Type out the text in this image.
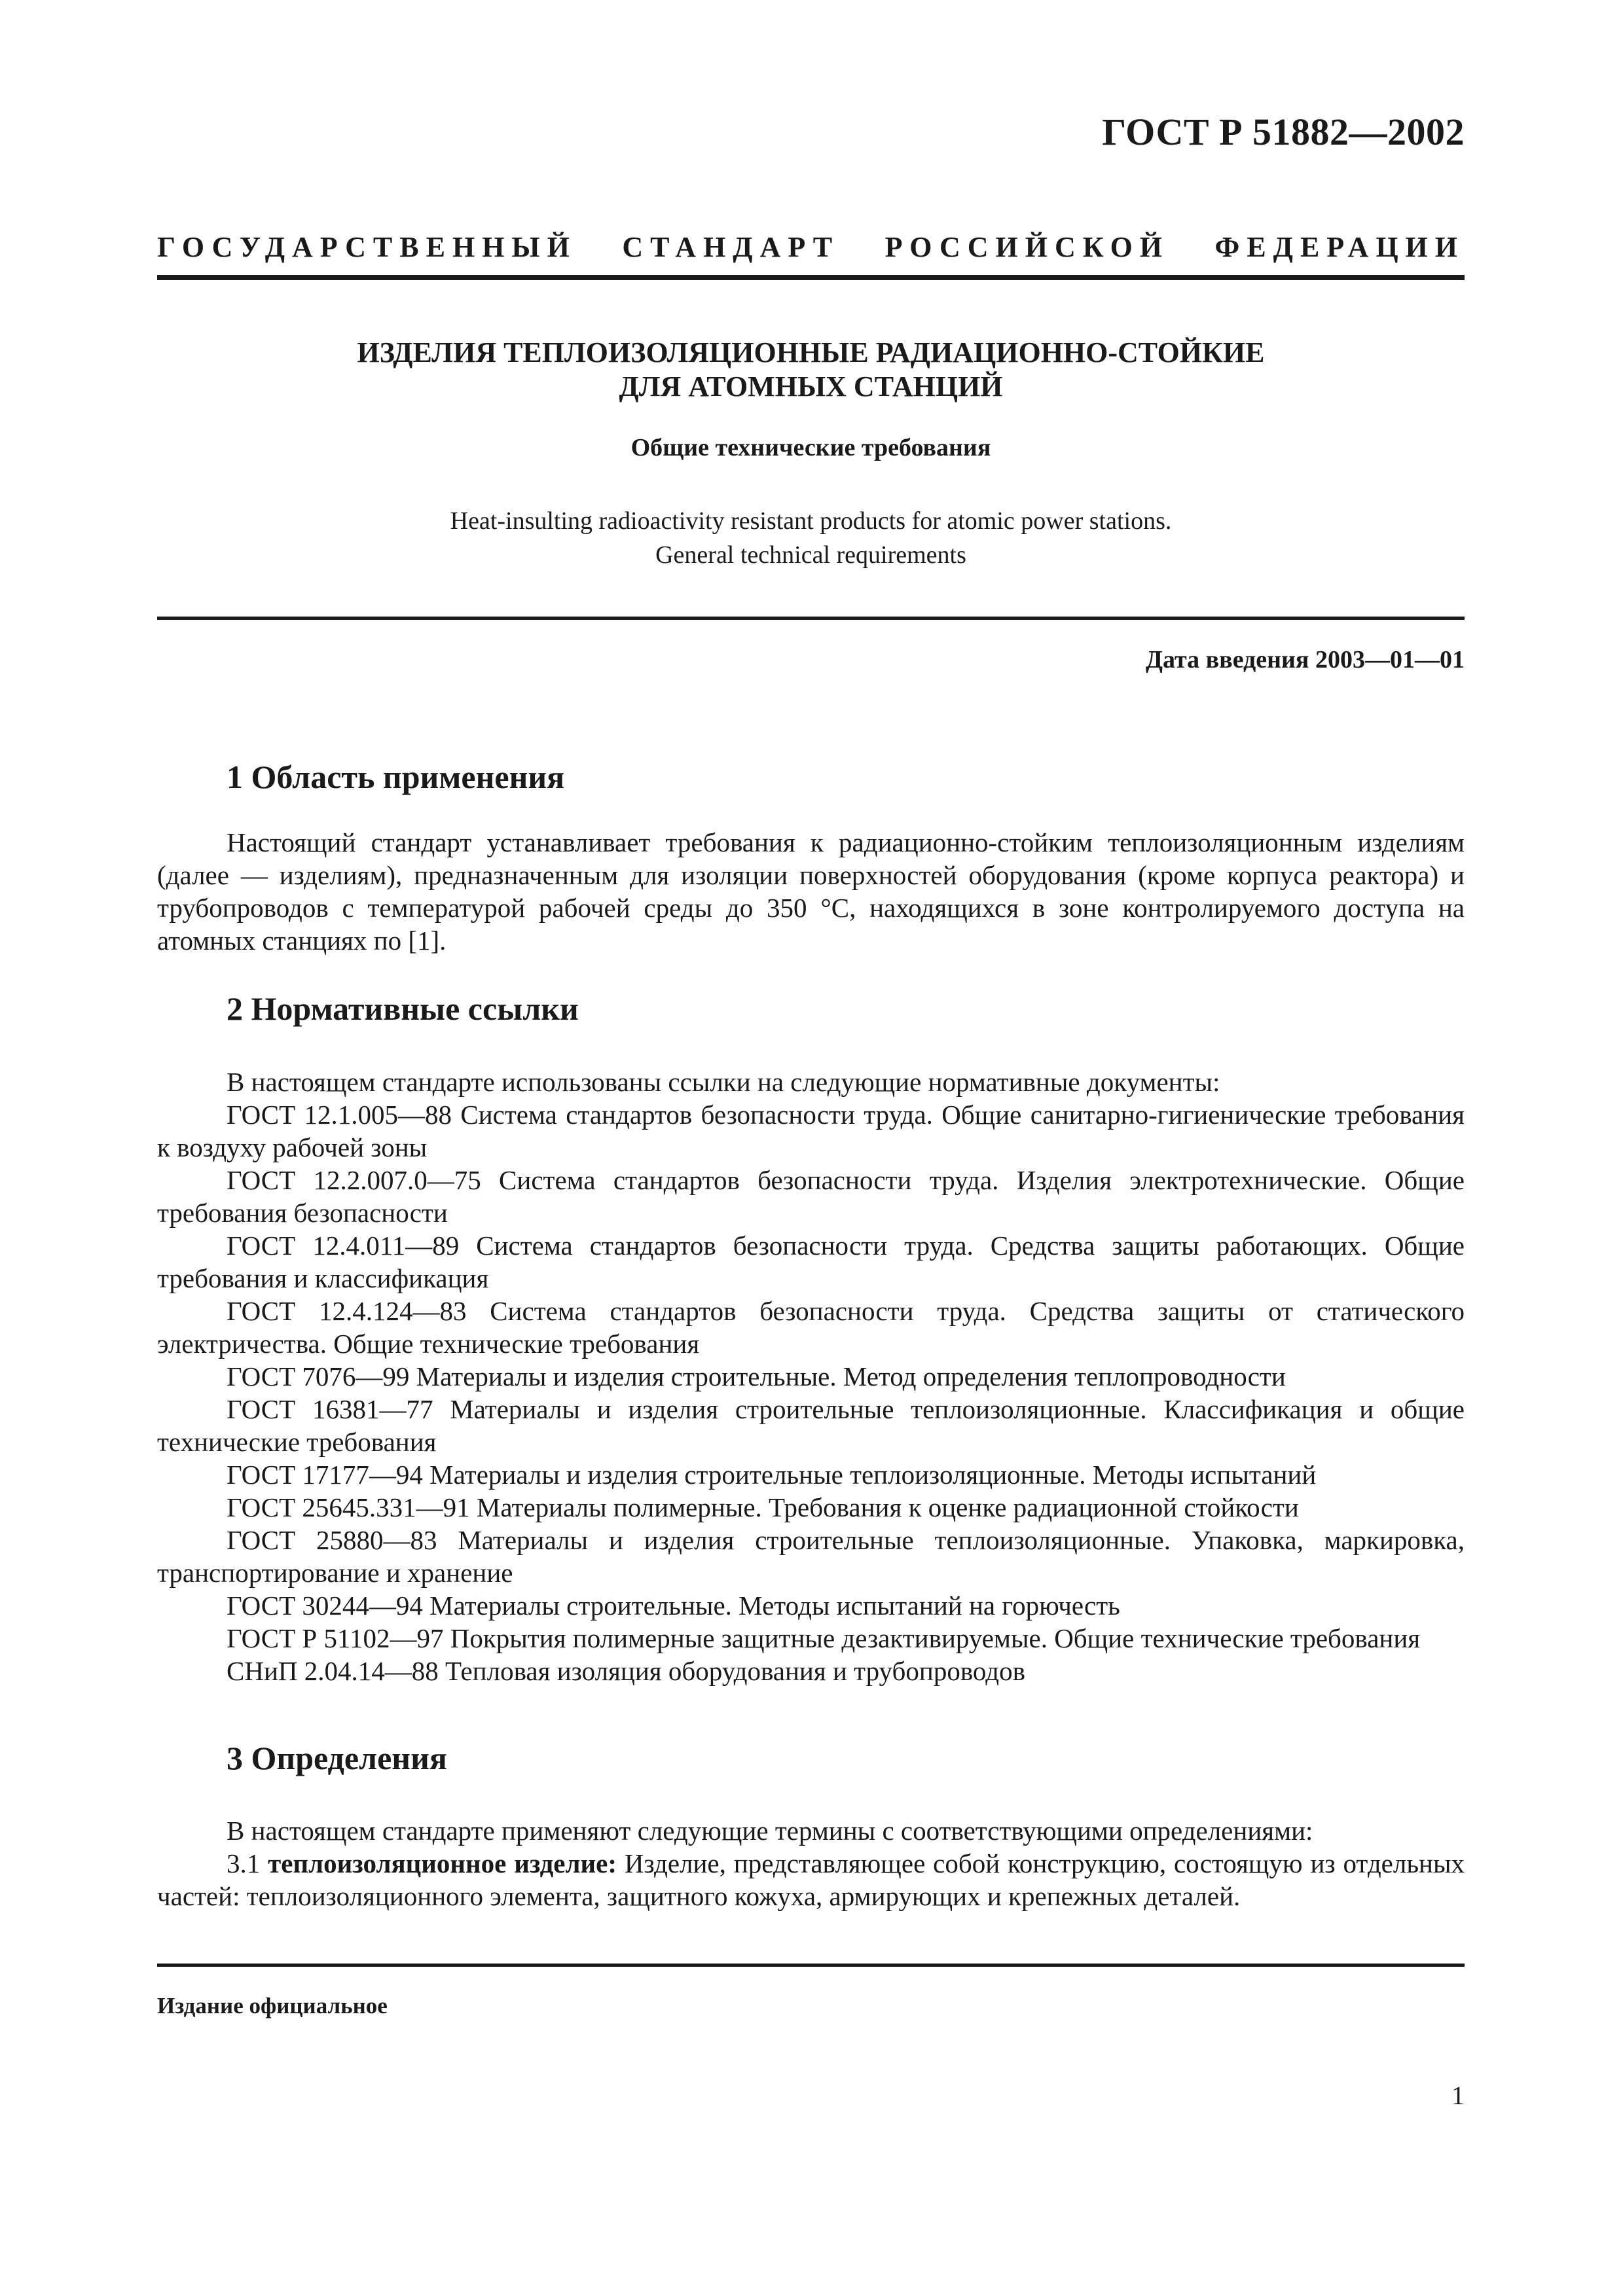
ГОСТ Р 51882—2002

ГОСУДАРСТВЕННЫЙ СТАНДАРТ РОССИЙСКОЙ ФЕДЕРАЦИИ

ИЗДЕЛИЯ ТЕПЛОИЗОЛЯЦИОННЫЕ РАДИАЦИОННО-СТОЙКИЕ
ДЛЯ АТОМНЫХ СТАНЦИЙ

Общие технические требования

Heat-insulting radioactivity resistant products for atomic power stations.
General technical requirements

Дата введения 2003—01—01

1 Область применения

Настоящий стандарт устанавливает требования к радиационно-стойким теплоизоляционным изделиям (далее — изделиям), предназначенным для изоляции поверхностей оборудования (кроме корпуса реактора) и трубопроводов с температурой рабочей среды до 350 °С, находящихся в зоне контролируемого доступа на атомных станциях по [1].

2 Нормативные ссылки

В настоящем стандарте использованы ссылки на следующие нормативные документы:

ГОСТ 12.1.005—88 Система стандартов безопасности труда. Общие санитарно-гигиенические требования к воздуху рабочей зоны

ГОСТ 12.2.007.0—75 Система стандартов безопасности труда. Изделия электротехнические. Общие требования безопасности

ГОСТ 12.4.011—89 Система стандартов безопасности труда. Средства защиты работающих. Общие требования и классификация

ГОСТ 12.4.124—83 Система стандартов безопасности труда. Средства защиты от статического электричества. Общие технические требования

ГОСТ 7076—99 Материалы и изделия строительные. Метод определения теплопроводности

ГОСТ 16381—77 Материалы и изделия строительные теплоизоляционные. Классификация и общие технические требования

ГОСТ 17177—94 Материалы и изделия строительные теплоизоляционные. Методы испытаний

ГОСТ 25645.331—91 Материалы полимерные. Требования к оценке радиационной стойкости

ГОСТ 25880—83 Материалы и изделия строительные теплоизоляционные. Упаковка, маркировка, транспортирование и хранение

ГОСТ 30244—94 Материалы строительные. Методы испытаний на горючесть

ГОСТ Р 51102—97 Покрытия полимерные защитные дезактивируемые. Общие технические требования

СНиП 2.04.14—88 Тепловая изоляция оборудования и трубопроводов

3 Определения

В настоящем стандарте применяют следующие термины с соответствующими определениями:

3.1 теплоизоляционное изделие: Изделие, представляющее собой конструкцию, состоящую из отдельных частей: теплоизоляционного элемента, защитного кожуха, армирующих и крепежных деталей.

Издание официальное

1
